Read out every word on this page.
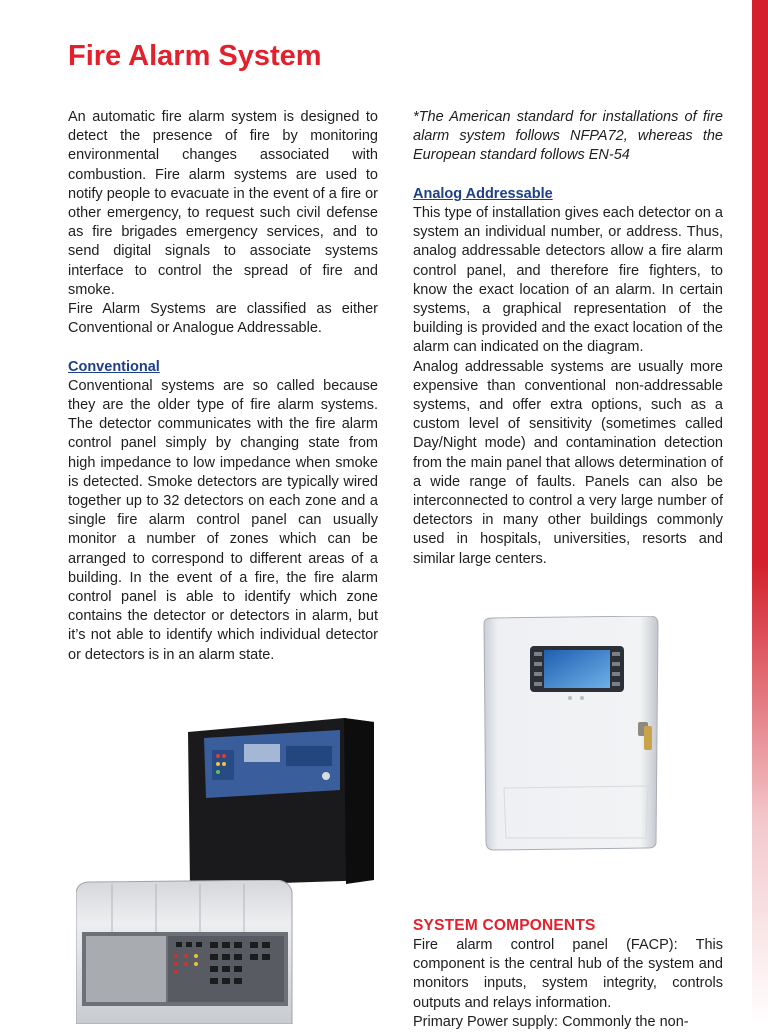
Fire Alarm System

An automatic fire alarm system is designed to detect the presence of fire by monitoring environmental changes associated with combustion. Fire alarm systems are used to notify people to evacuate in the event of a fire or other emergency, to request such civil defense as fire brigades emergency services, and to send digital signals to associate systems interface to control the spread of fire and smoke.

Fire Alarm Systems are classified as either Conventional or Analogue Addressable.

Conventional

Conventional systems are so called because they are the older type of fire alarm systems. The detector communicates with the fire alarm control panel simply by changing state from high impedance to low impedance when smoke is detected. Smoke detectors are typically wired together up to 32 detectors on each zone and a single fire alarm control panel can usually monitor a number of zones which can be arranged to correspond to different areas of a building. In the event of a fire, the fire alarm control panel is able to identify which zone contains the detector or detectors in alarm, but it’s not able to identify which individual detector or detectors is in an alarm state.

*The American standard for installations of fire alarm system follows NFPA72, whereas the European standard follows EN-54

Analog Addressable

This type of installation gives each detector on a system an individual number, or address. Thus, analog addressable detectors allow a fire alarm control panel, and therefore fire fighters, to know the exact location of an alarm. In certain systems, a graphical representation of the building is provided and the exact location of the alarm can indicated on the diagram.

Analog addressable systems are usually more expensive than conventional non-addressable systems, and offer extra options, such as a custom level of sensitivity (sometimes called Day/Night mode) and contamination detection from the main panel that allows determination of a wide range of faults. Panels can also be interconnected to control a very large number of detectors in many other buildings commonly used in hospitals, universities, resorts and similar large centers.

SYSTEM COMPONENTS

Fire alarm control panel (FACP): This component is the central hub of the system and monitors inputs, system integrity, controls outputs and relays information.

Primary Power supply: Commonly the non-
